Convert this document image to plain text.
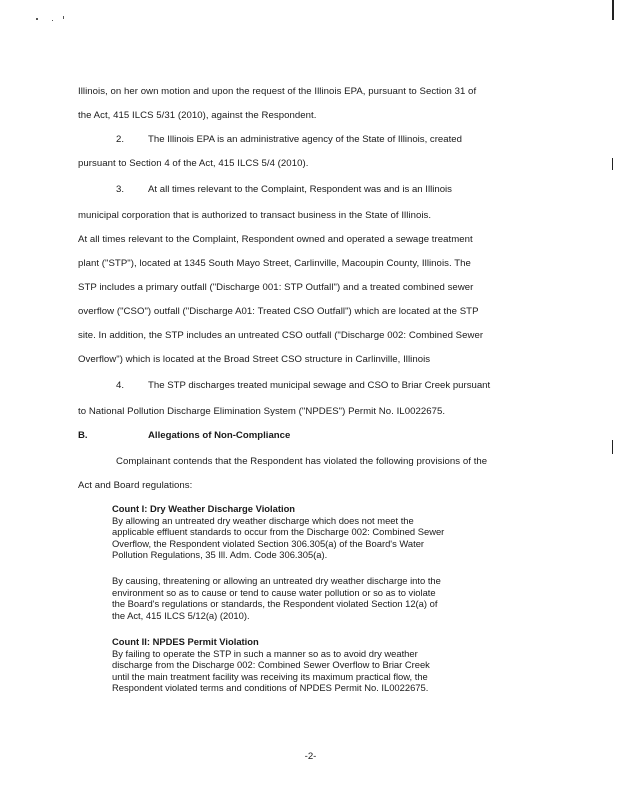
Illinois, on her own motion and upon the request of the Illinois EPA, pursuant to Section 31 of
the Act, 415 ILCS 5/31 (2010), against the Respondent.
2. The Illinois EPA is an administrative agency of the State of Illinois, created
pursuant to Section 4 of the Act, 415 ILCS 5/4 (2010).
3. At all times relevant to the Complaint, Respondent was and is an Illinois
municipal corporation that is authorized to transact business in the State of Illinois.
At all times relevant to the Complaint, Respondent owned and operated a sewage treatment
plant ("STP"), located at 1345 South Mayo Street, Carlinville, Macoupin County, Illinois. The
STP includes a primary outfall ("Discharge 001: STP Outfall") and a treated combined sewer
overflow ("CSO") outfall ("Discharge A01: Treated CSO Outfall") which are located at the STP
site. In addition, the STP includes an untreated CSO outfall ("Discharge 002: Combined Sewer
Overflow") which is located at the Broad Street CSO structure in Carlinville, Illinois
4. The STP discharges treated municipal sewage and CSO to Briar Creek pursuant
to National Pollution Discharge Elimination System ("NPDES") Permit No. IL0022675.
B.	Allegations of Non-Compliance
Complainant contends that the Respondent has violated the following provisions of the
Act and Board regulations:
Count I: Dry Weather Discharge Violation
By allowing an untreated dry weather discharge which does not meet the
applicable effluent standards to occur from the Discharge 002: Combined Sewer
Overflow, the Respondent violated Section 306.305(a) of the Board's Water
Pollution Regulations, 35 Ill. Adm. Code 306.305(a).
By causing, threatening or allowing an untreated dry weather discharge into the
environment so as to cause or tend to cause water pollution or so as to violate
the Board's regulations or standards, the Respondent violated Section 12(a) of
the Act, 415 ILCS 5/12(a) (2010).
Count II: NPDES Permit Violation
By failing to operate the STP in such a manner so as to avoid dry weather
discharge from the Discharge 002: Combined Sewer Overflow to Briar Creek
until the main treatment facility was receiving its maximum practical flow, the
Respondent violated terms and conditions of NPDES Permit No. IL0022675.
-2-
